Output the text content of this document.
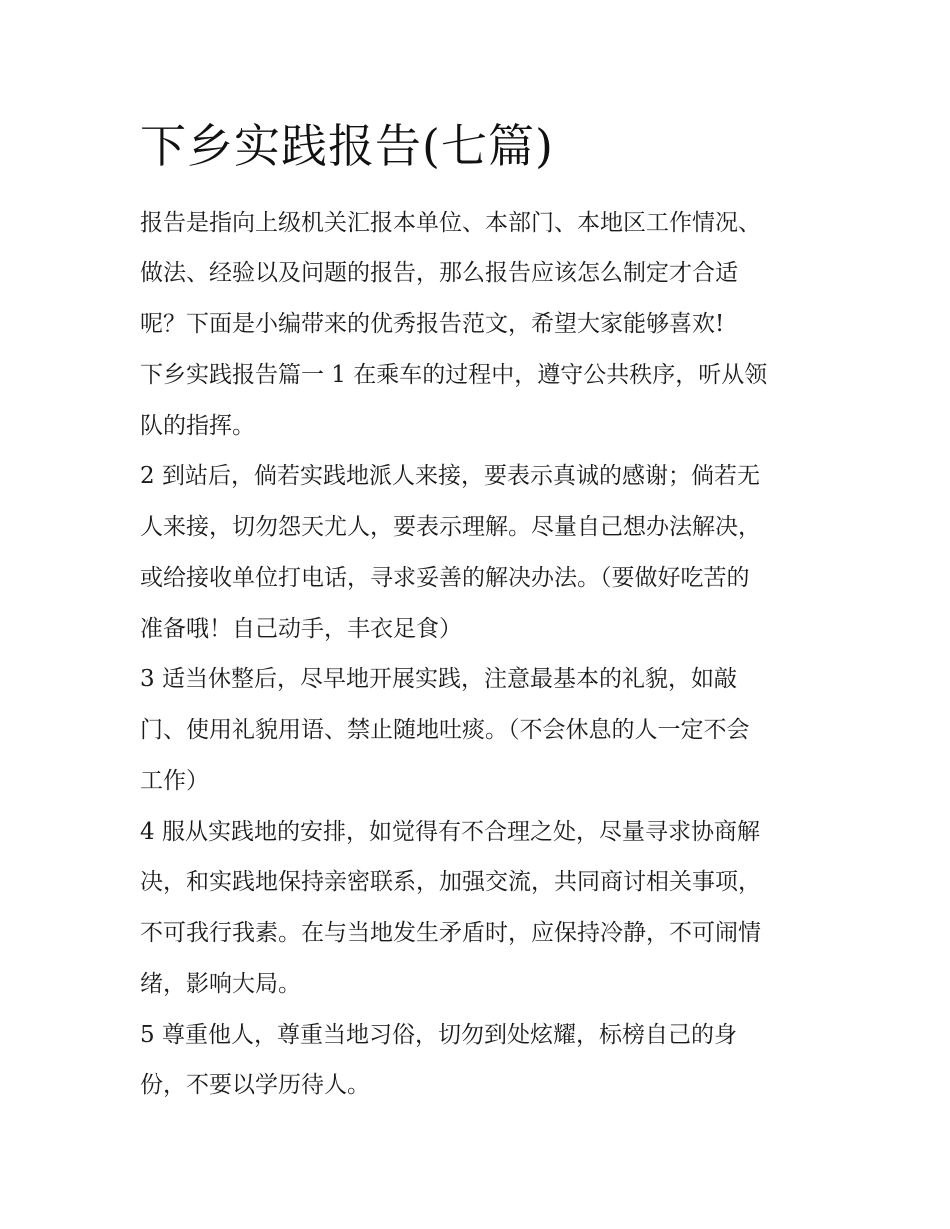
下乡实践报告(七篇)
报告是指向上级机关汇报本单位、本部门、本地区工作情况、
做法、经验以及问题的报告，那么报告应该怎么制定才合适
呢？下面是小编带来的优秀报告范文，希望大家能够喜欢!
下乡实践报告篇一 1 在乘车的过程中，遵守公共秩序，听从领
队的指挥。
2 到站后，倘若实践地派人来接，要表示真诚的感谢；倘若无
人来接，切勿怨天尤人，要表示理解。尽量自己想办法解决，
或给接收单位打电话，寻求妥善的解决办法。（要做好吃苦的
准备哦！自己动手，丰衣足食）
3 适当休整后，尽早地开展实践，注意最基本的礼貌，如敲
门、使用礼貌用语、禁止随地吐痰。（不会休息的人一定不会
工作）
4 服从实践地的安排，如觉得有不合理之处，尽量寻求协商解
决，和实践地保持亲密联系，加强交流，共同商讨相关事项，
不可我行我素。在与当地发生矛盾时，应保持冷静，不可闹情
绪，影响大局。
5 尊重他人，尊重当地习俗，切勿到处炫耀，标榜自己的身
份，不要以学历待人。
